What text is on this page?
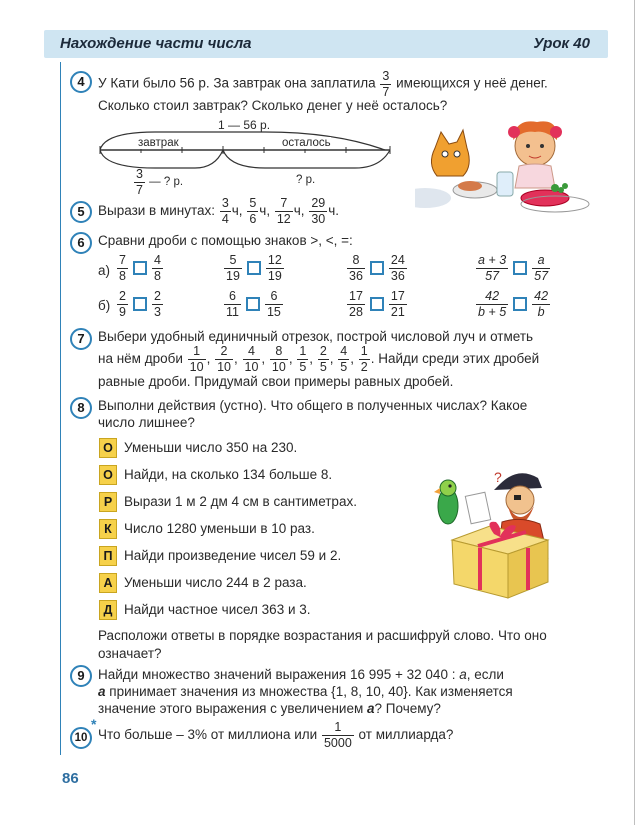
Нахождение части числа	Урок 40
4 У Кати было 56 р. За завтрак она заплатила $\frac{3}{7}$ имеющихся у неё денег.
Сколько стоил завтрак? Сколько денег у неё осталось?
1 — 56 р.
завтрак	осталось
$\frac{3}{7}$ — ? р.	? р.
5 Вырази в минутах: $\frac{3}{4} ч$, $\frac{5}{6} ч$, $\frac{7}{12} ч$, $\frac{29}{30} ч$.
6 Сравни дроби с помощью знаков >, <, =:
$а) \frac{7}{8} \frac{4}{8}$	$\frac{5}{19} \frac{12}{19}$	$\frac{8}{36} \frac{24}{36}$	$\frac{a + 3}{57} \frac{a}{57}$
$б) \frac{2}{9} \frac{2}{3}$	$\frac{6}{11} \frac{6}{15}$	$\frac{17}{28} \frac{17}{21}$	$\frac{42}{b + 5} \frac{42}{b}$
7 Выбери удобный единичный отрезок, построй числовой луч и отметь
на нём дроби $\frac{1}{10}$ , $\frac{2}{10}$ , $\frac{4}{10}$ , $\frac{8}{10}$ , $\frac{1}{5}$ , $\frac{2}{5}$ , $\frac{4}{5}$ , $\frac{1}{2}$ . Найди среди этих дробей
равные дроби. Придумай свои примеры равных дробей.
8 Выполни действия (устно). Что общего в полученных числах? Какое
число лишнее?
О Уменьши число 350 на 230.
О Найди, на сколько 134 больше 8.
Р Вырази 1 м 2 дм 4 см в сантиметрах.
К Число 1280 уменьши в 10 раз.
П Найди произведение чисел 59 и 2.
А Уменьши число 244 в 2 раза.
Д Найди частное чисел 363 и 3.
?
Расположи ответы в порядке возрастания и расшифруй слово. Что оно
означает?
9 Найди множество значений выражения 16 995 + 32 040 : a, если
a принимает значения из множества {1, 8, 10, 40}. Как изменяется
значение этого выражения с увеличением a? Почему?
10
*
Что больше – 3% от миллиона или $\frac{1}{5000}$ от миллиарда?
86
